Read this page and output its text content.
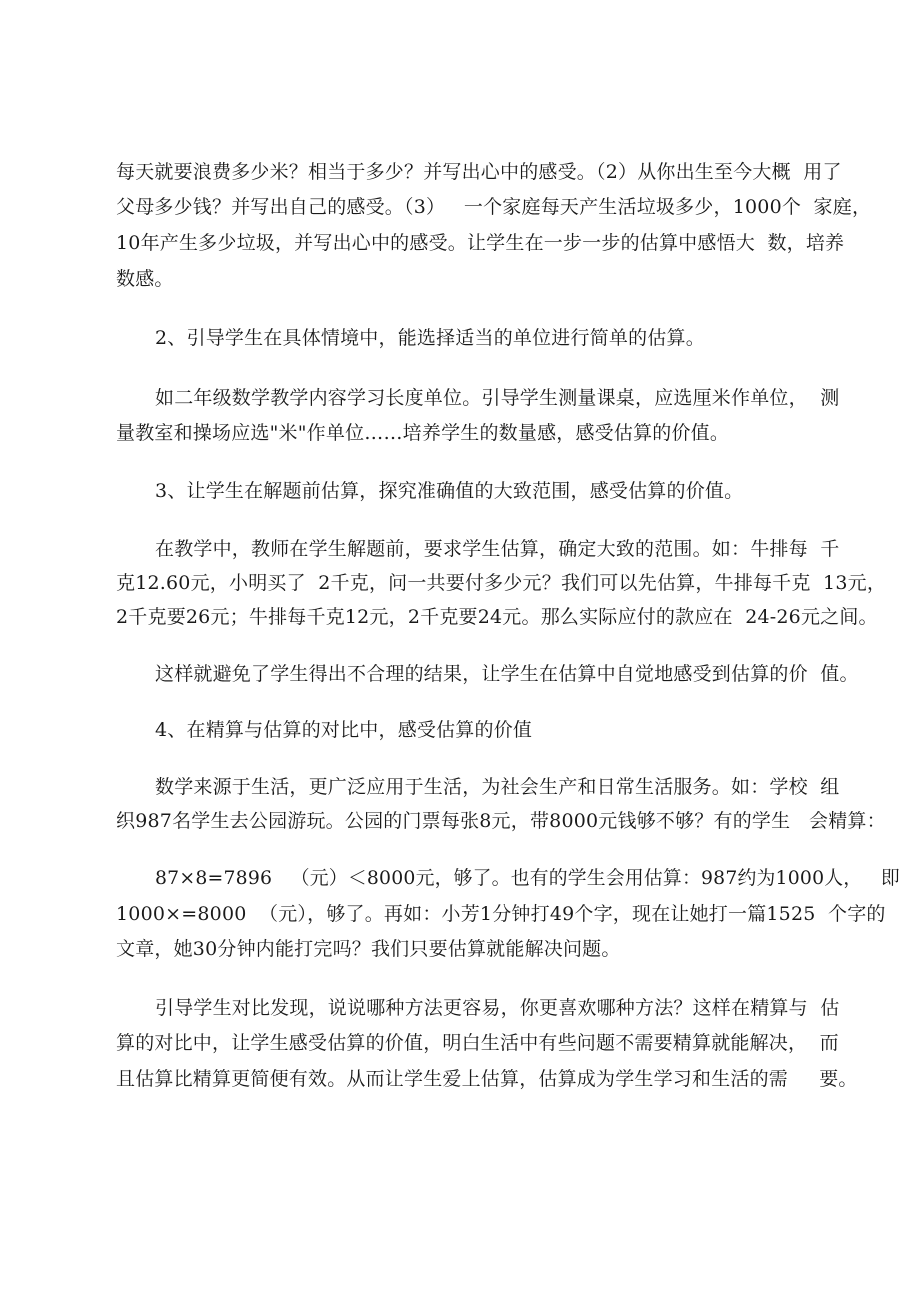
每天就要浪费多少米？相当于多少？并写出心中的感受。（2）从你出生至今大概  用了
父母多少钱？并写出自己的感受。（3）   一个家庭每天产生活垃圾多少，1000个  家庭，
10年产生多少垃圾，并写出心中的感受。让学生在一步一步的估算中感悟大  数，培养
数感。
2、引导学生在具体情境中，能选择适当的单位进行简单的估算。
如二年级数学教学内容学习长度单位。引导学生测量课桌，应选厘米作单位，  测
量教室和操场应选"米"作单位……培养学生的数量感，感受估算的价值。
3、让学生在解题前估算，探究准确值的大致范围，感受估算的价值。
在教学中，教师在学生解题前，要求学生估算，确定大致的范围。如：牛排每  千
克12.60元，小明买了  2千克，问一共要付多少元？我们可以先估算，牛排每千克  13元，
2千克要26元；牛排每千克12元，2千克要24元。那么实际应付的款应在  24-26元之间。
这样就避免了学生得出不合理的结果，让学生在估算中自觉地感受到估算的价  值。
4、在精算与估算的对比中，感受估算的价值
数学来源于生活，更广泛应用于生活，为社会生产和日常生活服务。如：学校  组
织987名学生去公园游玩。公园的门票每张8元，带8000元钱够不够？有的学生   会精算：
87×8=7896   （元）＜8000元，够了。也有的学生会用估算：987约为1000人，   即
1000×=8000  （元），够了。再如：小芳1分钟打49个字，现在让她打一篇1525  个字的
文章，她30分钟内能打完吗？我们只要估算就能解决问题。
引导学生对比发现，说说哪种方法更容易，你更喜欢哪种方法？这样在精算与  估
算的对比中，让学生感受估算的价值，明白生活中有些问题不需要精算就能解决，  而
且估算比精算更简便有效。从而让学生爱上估算，估算成为学生学习和生活的需     要。
